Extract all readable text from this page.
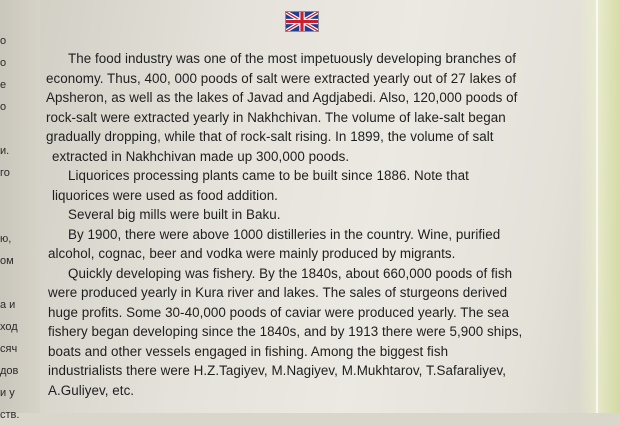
о
о
е
о
и.
го
ю,
ом
а и
ход
сяч
дов
и у
ств.

The food industry was one of the most impetuously developing branches of

economy. Thus, 400, 000 poods of salt were extracted yearly out of 27 lakes of

Apsheron, as well as the lakes of Javad and Agdjabedi. Also, 120,000 poods of

rock-salt were extracted yearly in Nakhchivan. The volume of lake-salt began

gradually dropping, while that of rock-salt rising. In 1899, the volume of salt

extracted in Nakhchivan made up 300,000 poods.

Liquorices processing plants came to be built since 1886. Note that

liquorices were used as food addition.

Several big mills were built in Baku.

By 1900, there were above 1000 distilleries in the country. Wine, purified

alcohol, cognac, beer and vodka were mainly produced by migrants.

Quickly developing was fishery. By the 1840s, about 660,000 poods of fish

were produced yearly in Kura river and lakes. The sales of sturgeons derived

huge profits. Some 30-40,000 poods of caviar were produced yearly. The sea

fishery began developing since the 1840s, and by 1913 there were 5,900 ships,

boats and other vessels engaged in fishing. Among the biggest fish

industrialists there were H.Z.Tagiyev, M.Nagiyev, M.Mukhtarov, T.Safaraliyev,

A.Guliyev, etc.
